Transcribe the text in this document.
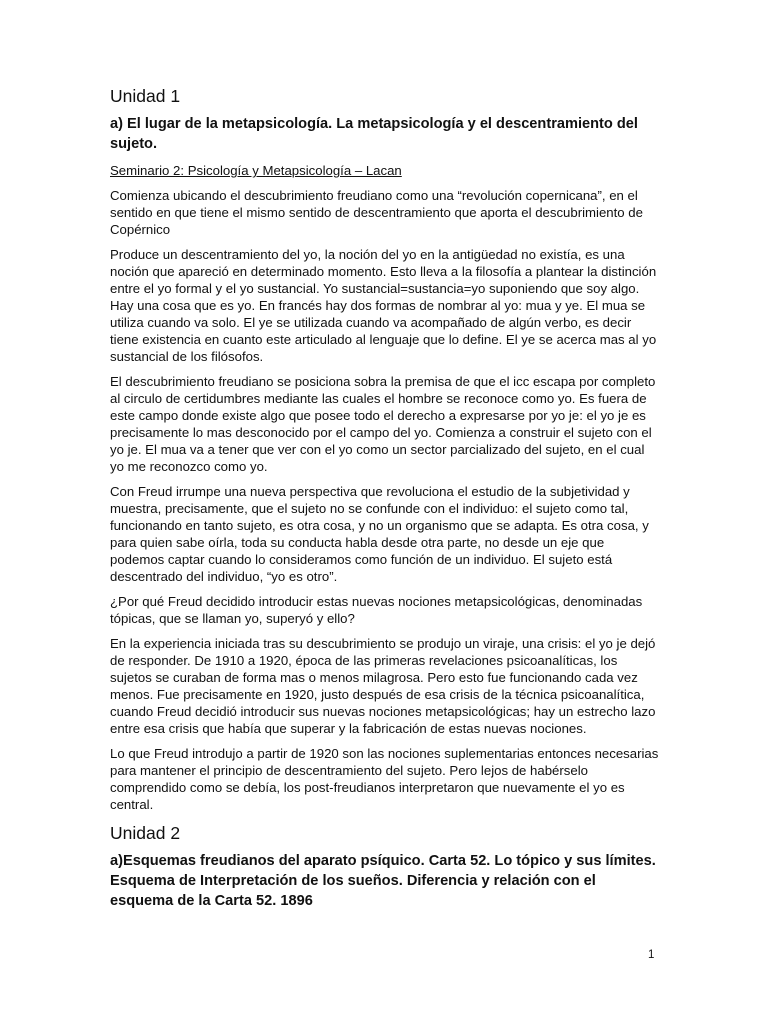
Unidad 1
a) El lugar de la metapsicología. La metapsicología y el descentramiento del sujeto.
Seminario 2: Psicología y Metapsicología – Lacan

Comienza ubicando el descubrimiento freudiano como una “revolución copernicana”, en el sentido en que tiene el mismo sentido de descentramiento que aporta el descubrimiento de Copérnico

Produce un descentramiento del yo, la noción del yo en la antigüedad no existía, es una noción que apareció en determinado momento. Esto lleva a la filosofía a plantear la distinción entre el yo formal y el yo sustancial. Yo sustancial=sustancia=yo suponiendo que soy algo. Hay una cosa que es yo. En francés hay dos formas de nombrar al yo: mua y ye. El mua se utiliza cuando va solo. El ye se utilizada cuando va acompañado de algún verbo, es decir tiene existencia en cuanto este articulado al lenguaje que lo define. El ye se acerca mas al yo sustancial de los filósofos.

El descubrimiento freudiano se posiciona sobra la premisa de que el icc escapa por completo al circulo de certidumbres mediante las cuales el hombre se reconoce como yo. Es fuera de este campo donde existe algo que posee todo el derecho a expresarse por yo je: el yo je es precisamente lo mas desconocido por el campo del yo. Comienza a construir el sujeto con el yo je. El mua va a tener que ver con el yo como un sector parcializado del sujeto, en el cual yo me reconozco como yo.

Con Freud irrumpe una nueva perspectiva que revoluciona el estudio de la subjetividad y muestra, precisamente, que el sujeto no se confunde con el individuo: el sujeto como tal, funcionando en tanto sujeto, es otra cosa, y no un organismo que se adapta. Es otra cosa, y para quien sabe oírla, toda su conducta habla desde otra parte, no desde un eje que podemos captar cuando lo consideramos como función de un individuo. El sujeto está descentrado del individuo, “yo es otro”.

¿Por qué Freud decidido introducir estas nuevas nociones metapsicológicas, denominadas tópicas, que se llaman yo, superyó y ello?

En la experiencia iniciada tras su descubrimiento se produjo un viraje, una crisis: el yo je dejó de responder. De 1910 a 1920, época de las primeras revelaciones psicoanalíticas, los sujetos se curaban de forma mas o menos milagrosa. Pero esto fue funcionando cada vez menos. Fue precisamente en 1920, justo después de esa crisis de la técnica psicoanalítica, cuando Freud decidió introducir sus nuevas nociones metapsicológicas; hay un estrecho lazo entre esa crisis que había que superar y la fabricación de estas nuevas nociones.

Lo que Freud introdujo a partir de 1920 son las nociones suplementarias entonces necesarias para mantener el principio de descentramiento del sujeto. Pero lejos de habérselo comprendido como se debía, los post-freudianos interpretaron que nuevamente el yo es central.

Unidad 2
a)Esquemas freudianos del aparato psíquico. Carta 52. Lo tópico y sus límites. Esquema de Interpretación de los sueños. Diferencia y relación con el esquema de la Carta 52. 1896
1
